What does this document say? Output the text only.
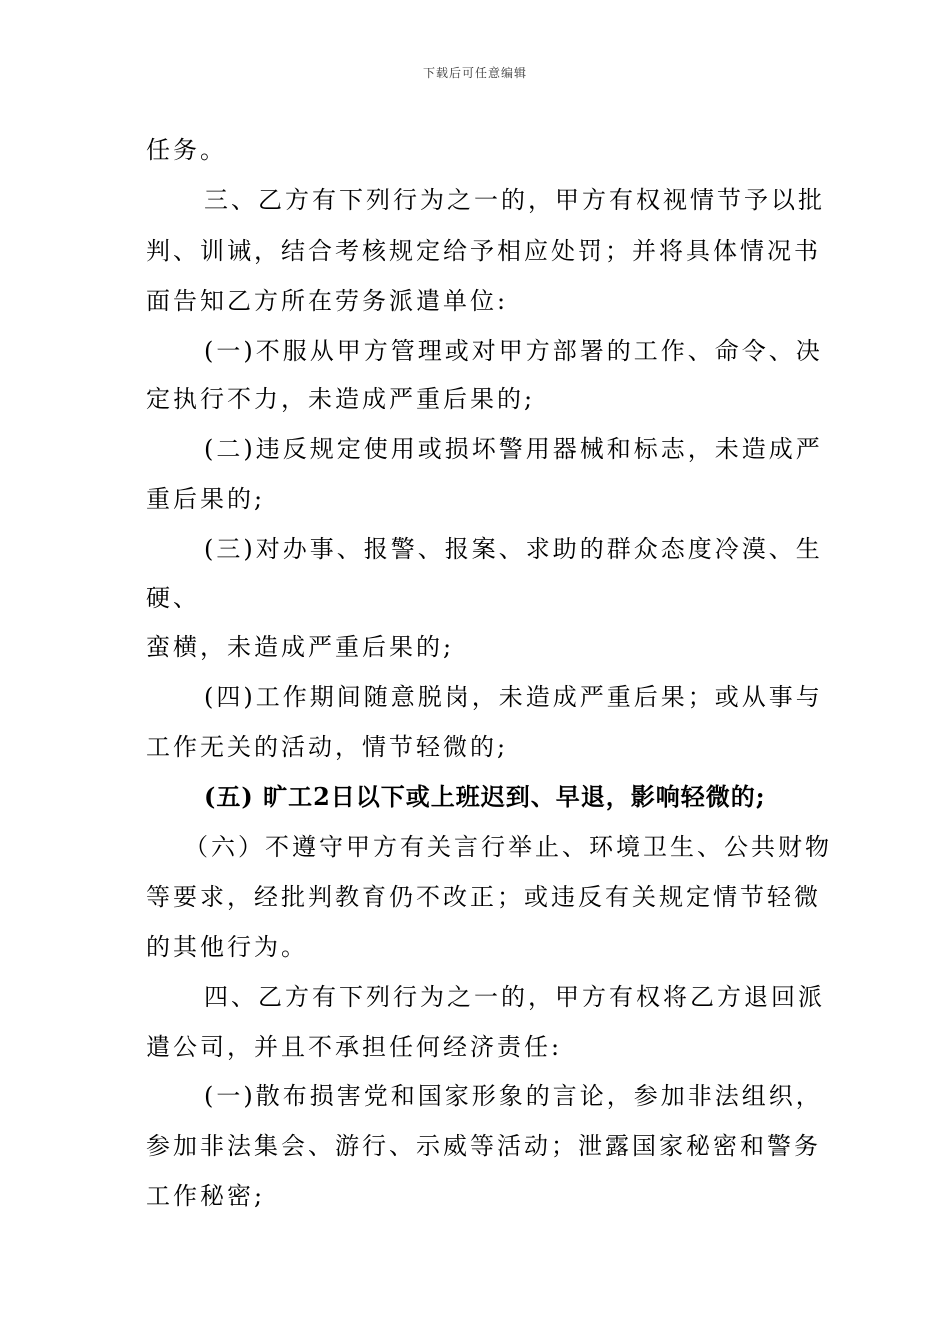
下载后可任意编辑
任务。
三、乙方有下列行为之一的，甲方有权视情节予以批
判、训诫，结合考核规定给予相应处罚；并将具体情况书
面告知乙方所在劳务派遣单位:
(一)不服从甲方管理或对甲方部署的工作、命令、决
定执行不力，未造成严重后果的;
(二)违反规定使用或损坏警用器械和标志，未造成严
重后果的;
(三)对办事、报警、报案、求助的群众态度冷漠、生
硬、
蛮横，未造成严重后果的;
(四)工作期间随意脱岗，未造成严重后果；或从事与
工作无关的活动，情节轻微的;
(五) 旷工2日以下或上班迟到、早退，影响轻微的;
（六）不遵守甲方有关言行举止、环境卫生、公共财物
等要求，经批判教育仍不改正；或违反有关规定情节轻微
的其他行为。
四、乙方有下列行为之一的，甲方有权将乙方退回派
遣公司，并且不承担任何经济责任:
(一)散布损害党和国家形象的言论，参加非法组织，
参加非法集会、游行、示威等活动；泄露国家秘密和警务
工作秘密;
